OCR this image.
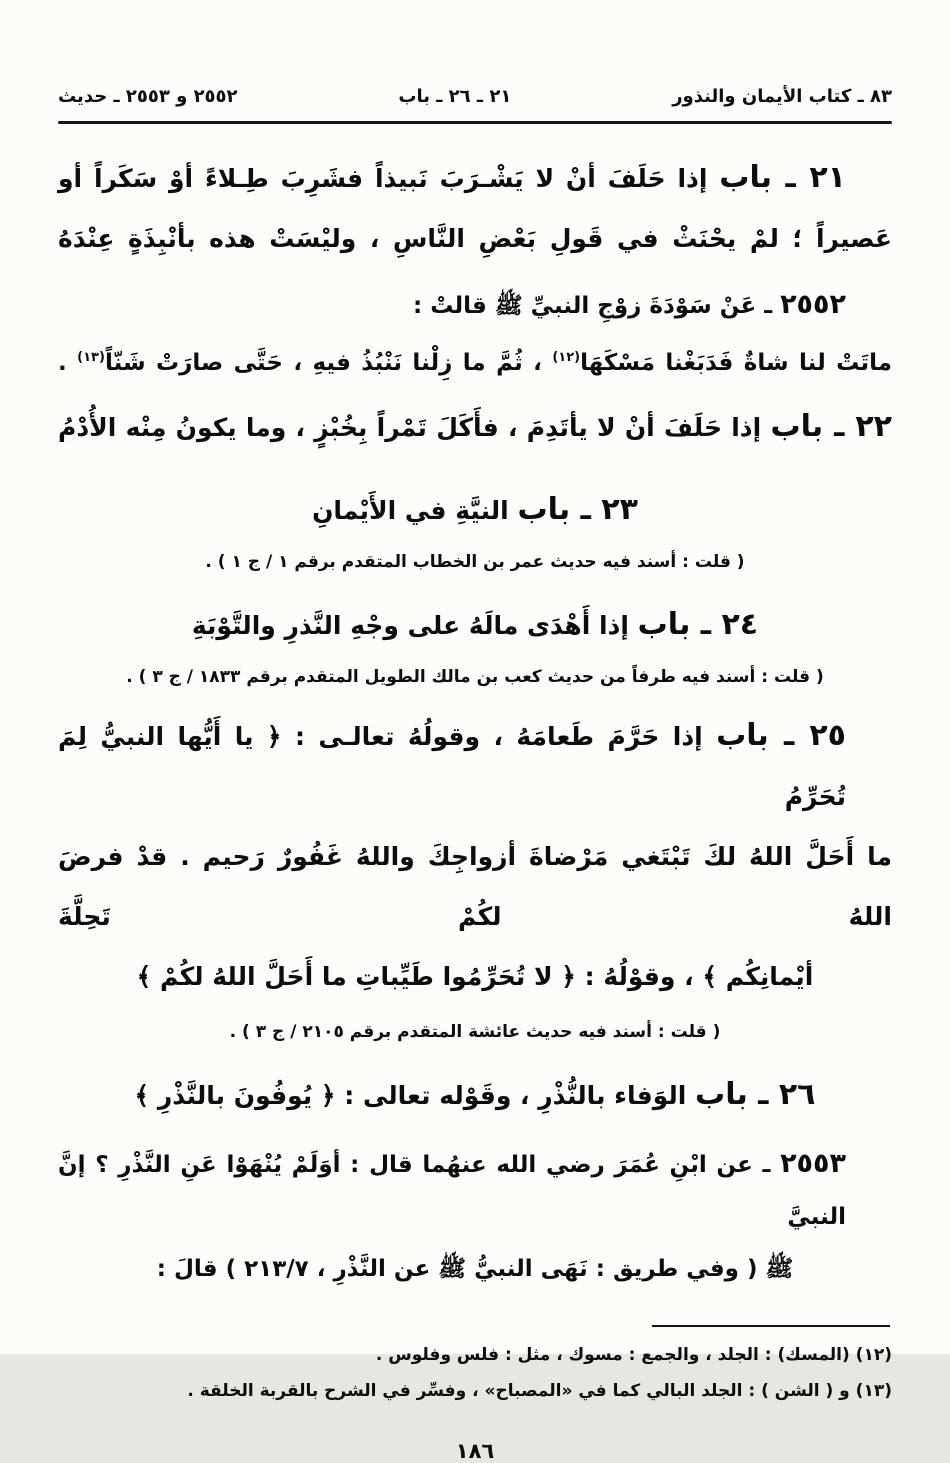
٨٣ ـ كتاب الأيمان والنذور
٢١ ـ ٢٦ ـ باب
٢٥٥٢ و ٢٥٥٣ ـ حديث
٢١ ـ باب إذا حَلَفَ أنْ لا يَشْـرَبَ نَبيذاً فشَرِبَ طِـلاءً أوْ سَكَراً أو
عَصيراً ؛ لمْ يحْنَثْ في قَولِ بَعْضِ النَّاسِ ، وليْسَتْ هذه بأنْبِذَةٍ عِنْدَهُ
٢٥٥٢ ـ عَنْ سَوْدَةَ زوْجِ النبيِّ ﷺ قالتْ :
ماتَتْ لنا شاةٌ فَدَبَغْنا مَسْكَهَا$^{(١٢)}$ ، ثُمَّ ما زِلْنا نَنْبُذُ فيهِ ، حَتَّى صارَتْ شَنّاً$^{(١٣)}$ .
٢٢ ـ باب إذا حَلَفَ أنْ لا يأتَدِمَ ، فأَكَلَ تَمْراً بِخُبْزٍ ، وما يكونُ مِنْه الأُدْمُ
٢٣ ـ باب النيَّةِ في الأَيْمانِ
( قلت : أسند فيه حديث عمر بن الخطاب المتقدم برقم ١ / ج ١ ) .
٢٤ ـ باب إذا أَهْدَى مالَهُ على وجْهِ النَّذرِ والتَّوْبَةِ
( قلت : أسند فيه طرفاً من حديث كعب بن مالك الطويل المتقدم برقم ١٨٣٣ / ج ٣ ) .
٢٥ ـ باب إذا حَرَّمَ طَعامَهُ ، وقولُهُ تعالـى : ﴿ يا أَيُّها النبيُّ لِمَ تُحَرِّمُ
ما أَحَلَّ اللهُ لكَ تَبْتَغي مَرْضاةَ أزواجِكَ واللهُ غَفُورٌ رَحيم . قدْ فرضَ اللهُ لكُمْ تَحِلَّةَ
أيْمانِكُم ﴾ ، وقوْلُهُ : ﴿ لا تُحَرِّمُوا طَيِّباتِ ما أَحَلَّ اللهُ لكُمْ ﴾
( قلت : أسند فيه حديث عائشة المتقدم برقم ٢١٠٥ / ج ٣ ) .
٢٦ ـ باب الوَفاء بالنُّذْرِ ، وقَوْله تعالى : ﴿ يُوفُونَ بالنَّذْرِ ﴾
٢٥٥٣ ـ عن ابْنِ عُمَرَ رضي الله عنهُما قال : أوَلَمْ يُنْهَوْا عَنِ النَّذْرِ ؟ إنَّ النبيَّ
ﷺ ( وفي طريق : نَهَى النبيُّ ﷺ عن النَّذْرِ ، ٢١٣/٧ ) قالَ :
(١٢) (المسك) : الجلد ، والجمع : مسوك ، مثل : فلس وفلوس .
(١٣) و ( الشن ) : الجلد البالي كما في «المصباح» ، وفسِّر في الشرح بالقربة الخلقة .
١٨٦
